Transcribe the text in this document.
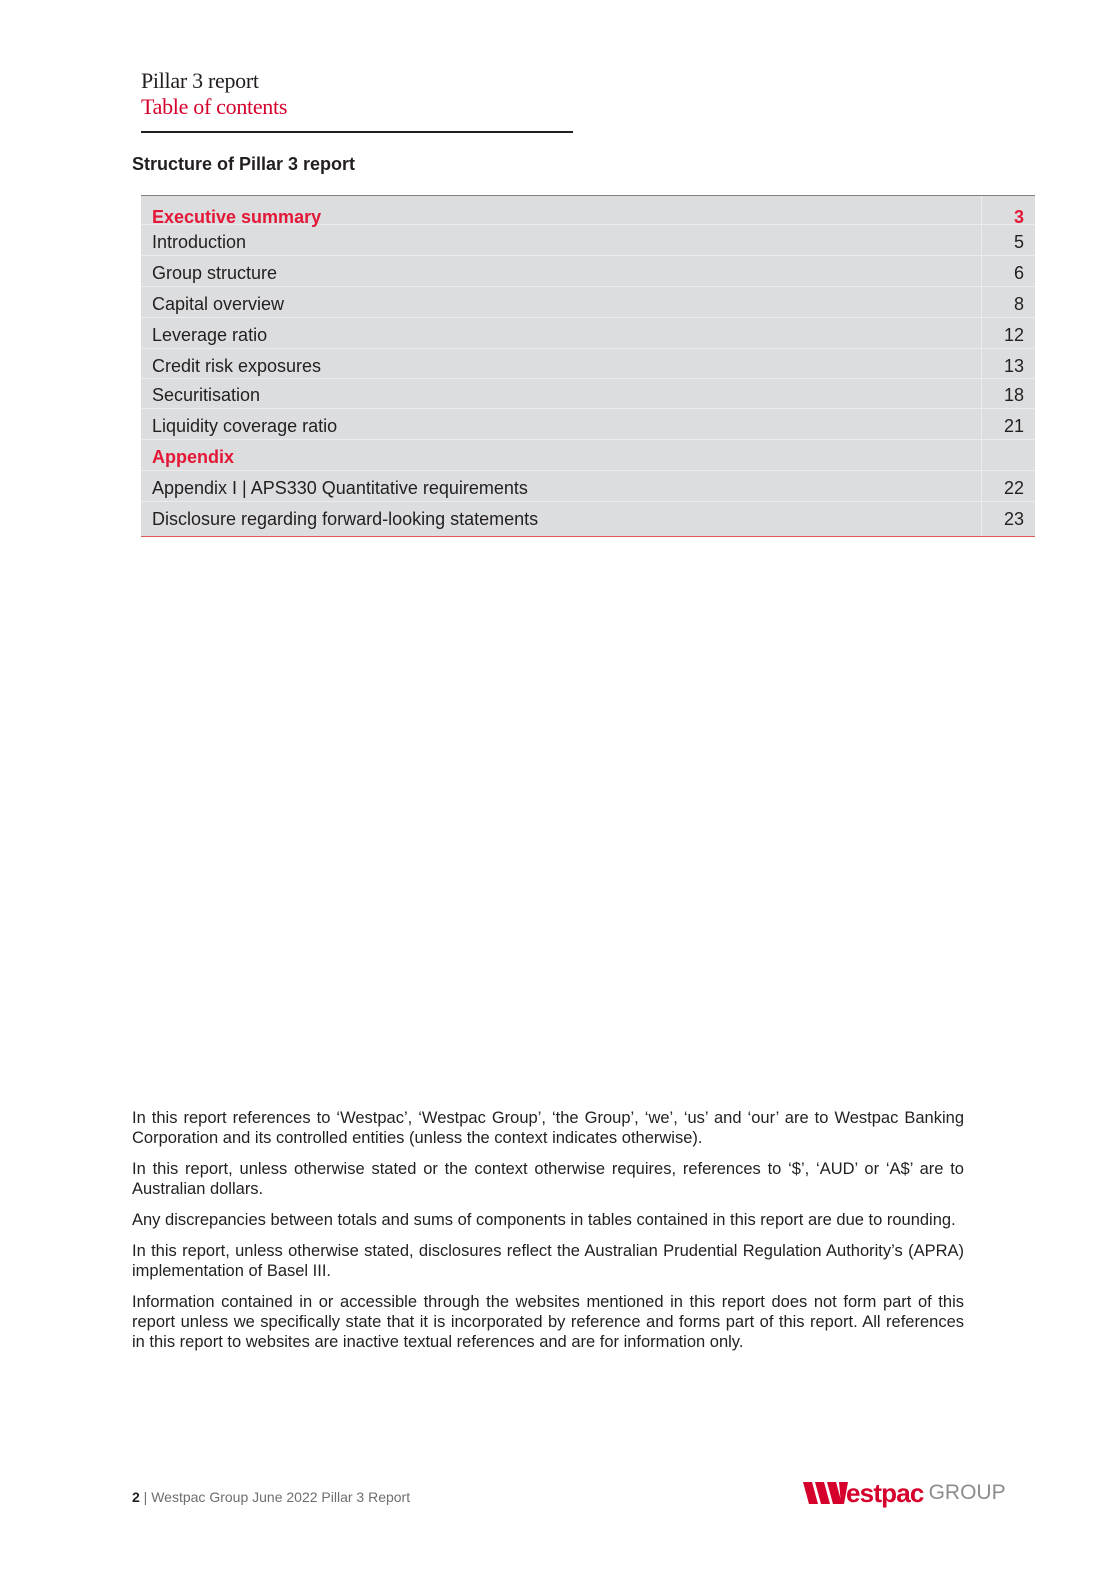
Pillar 3 report
Table of contents
Structure of Pillar 3 report
Executive summary	3
Introduction	5
Group structure	6
Capital overview	8
Leverage ratio	12
Credit risk exposures	13
Securitisation	18
Liquidity coverage ratio	21
Appendix
Appendix I | APS330 Quantitative requirements	22
Disclosure regarding forward-looking statements	23

In this report references to ‘Westpac’, ‘Westpac Group’, ‘the Group’, ‘we’, ‘us’ and ‘our’ are to Westpac Banking Corporation and its controlled entities (unless the context indicates otherwise).

In this report, unless otherwise stated or the context otherwise requires, references to ‘$’, ‘AUD’ or ‘A$’ are to Australian dollars.

Any discrepancies between totals and sums of components in tables contained in this report are due to rounding.

In this report, unless otherwise stated, disclosures reflect the Australian Prudential Regulation Authority’s (APRA) implementation of Basel III.

Information contained in or accessible through the websites mentioned in this report does not form part of this report unless we specifically state that it is incorporated by reference and forms part of this report. All references in this report to websites are inactive textual references and are for information only.

2 | Westpac Group June 2022 Pillar 3 Report	estpac GROUP
